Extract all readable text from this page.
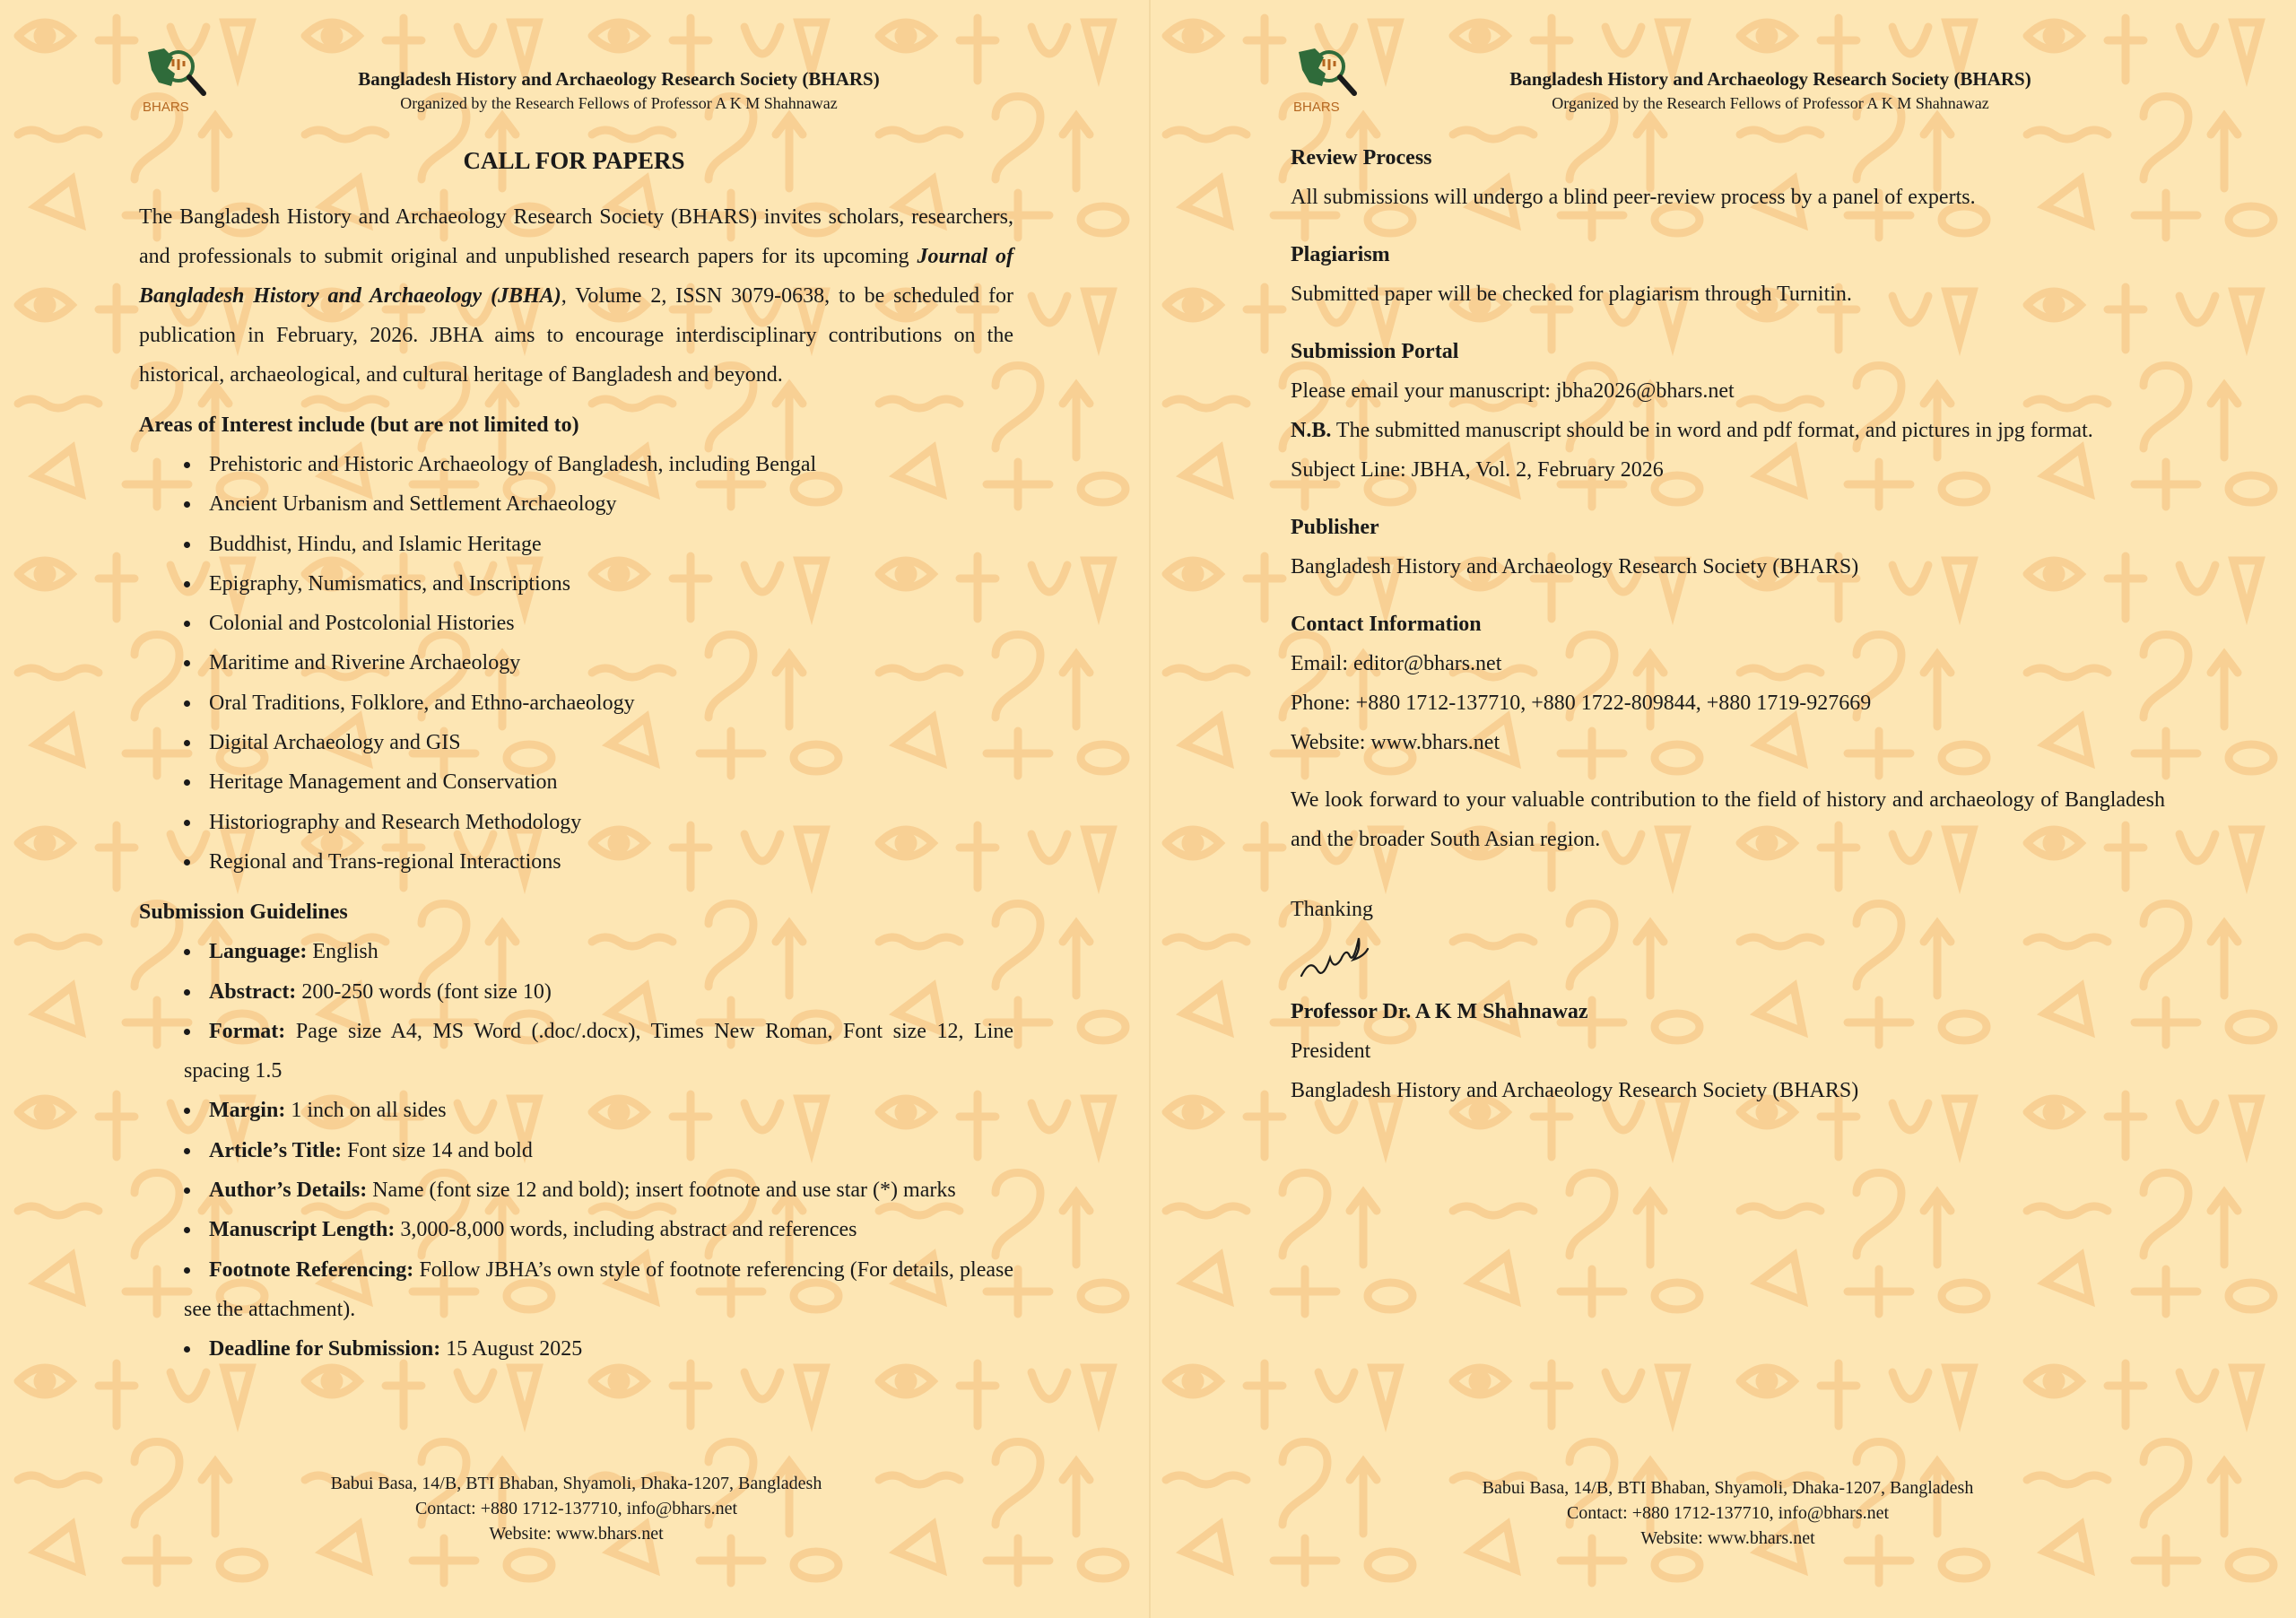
BHARS
Bangladesh History and Archaeology Research Society (BHARS)
Organized by the Research Fellows of Professor A K M Shahnawaz
CALL FOR PAPERS

The Bangladesh History and Archaeology Research Society (BHARS) invites scholars, researchers, and professionals to submit original and unpublished research papers for its upcoming Journal of Bangladesh History and Archaeology (JBHA), Volume 2, ISSN 3079-0638, to be scheduled for publication in February, 2026. JBHA aims to encourage interdisciplinary contributions on the historical, archaeological, and cultural heritage of Bangladesh and beyond.

Areas of Interest include (but are not limited to)
Prehistoric and Historic Archaeology of Bangladesh, including Bengal
Ancient Urbanism and Settlement Archaeology
Buddhist, Hindu, and Islamic Heritage
Epigraphy, Numismatics, and Inscriptions
Colonial and Postcolonial Histories
Maritime and Riverine Archaeology
Oral Traditions, Folklore, and Ethno-archaeology
Digital Archaeology and GIS
Heritage Management and Conservation
Historiography and Research Methodology
Regional and Trans-regional Interactions
Submission Guidelines
Language: English
Abstract: 200-250 words (font size 10)
Format: Page size A4, MS Word (.doc/.docx), Times New Roman, Font size 12, Line spacing 1.5
Margin: 1 inch on all sides
Article’s Title: Font size 14 and bold
Author’s Details: Name (font size 12 and bold); insert footnote and use star (*) marks
Manuscript Length: 3,000-8,000 words, including abstract and references
Footnote Referencing: Follow JBHA’s own style of footnote referencing (For details, please see the attachment).
Deadline for Submission: 15 August 2025
Babui Basa, 14/B, BTI Bhaban, Shyamoli, Dhaka-1207, Bangladesh
Contact: +880 1712-137710, info@bhars.net
Website: www.bhars.net
BHARS
Bangladesh History and Archaeology Research Society (BHARS)
Organized by the Research Fellows of Professor A K M Shahnawaz
Review Process

All submissions will undergo a blind peer-review process by a panel of experts.

Plagiarism

Submitted paper will be checked for plagiarism through Turnitin.

Submission Portal

Please email your manuscript: jbha2026@bhars.net

N.B. The submitted manuscript should be in word and pdf format, and pictures in jpg format.

Subject Line: JBHA, Vol. 2, February 2026

Publisher

Bangladesh History and Archaeology Research Society (BHARS)

Contact Information

Email: editor@bhars.net

Phone: +880 1712-137710, +880 1722-809844, +880 1719-927669

Website: www.bhars.net

We look forward to your valuable contribution to the field of history and archaeology of Bangladesh and the broader South Asian region.

Thanking

Professor Dr. A K M Shahnawaz

President

Bangladesh History and Archaeology Research Society (BHARS)

Babui Basa, 14/B, BTI Bhaban, Shyamoli, Dhaka-1207, Bangladesh
Contact: +880 1712-137710, info@bhars.net
Website: www.bhars.net
